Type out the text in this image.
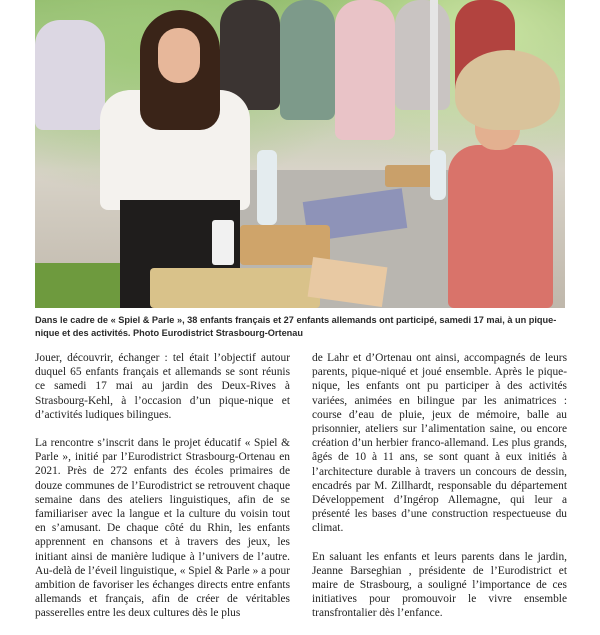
Dans le cadre de « Spiel & Parle », 38 enfants français et 27 enfants allemands ont participé, samedi 17 mai, à un pique-nique et des activités. Photo Eurodistrict Strasbourg-Ortenau

Jouer, découvrir, échanger : tel était l’objectif autour duquel 65 enfants français et allemands se sont réunis ce samedi 17 mai au jardin des Deux-Rives à Strasbourg-Kehl, à l’occasion d’un pique-nique et d’activités ludiques bilingues.

La rencontre s’inscrit dans le projet éducatif « Spiel & Parle », initié par l’Eurodistrict Strasbourg-Ortenau en 2021. Près de 272 enfants des écoles primaires de douze communes de l’Eurodistrict se retrouvent chaque semaine dans des ateliers linguistiques, afin de se familiariser avec la langue et la culture du voisin tout en s’amusant. De chaque côté du Rhin, les enfants apprennent en chansons et à travers des jeux, les initiant ainsi de manière ludique à l’univers de l’autre. Au-delà de l’éveil linguistique, « Spiel & Parle » a pour ambition de favoriser les échanges directs entre enfants allemands et français, afin de créer de véritables passerelles entre les deux cultures dès le plus

de Lahr et d’Ortenau ont ainsi, accompagnés de leurs parents, pique-niqué et joué ensemble. Après le pique-nique, les enfants ont pu participer à des activités variées, animées en bilingue par les animatrices : course d’eau de pluie, jeux de mémoire, balle au prisonnier, ateliers sur l’alimentation saine, ou encore création d’un herbier franco-allemand. Les plus grands, âgés de 10 à 11 ans, se sont quant à eux initiés à l’architecture durable à travers un concours de dessin, encadrés par M. Zillhardt, responsable du département Développement d’Ingérop Allemagne, qui leur a présenté les bases d’une construction respectueuse du climat.

En saluant les enfants et leurs parents dans le jardin, Jeanne Barseghian , présidente de l’Eurodistrict et maire de Strasbourg, a souligné l’importance de ces initiatives pour promouvoir le vivre ensemble transfrontalier dès l’enfance.
